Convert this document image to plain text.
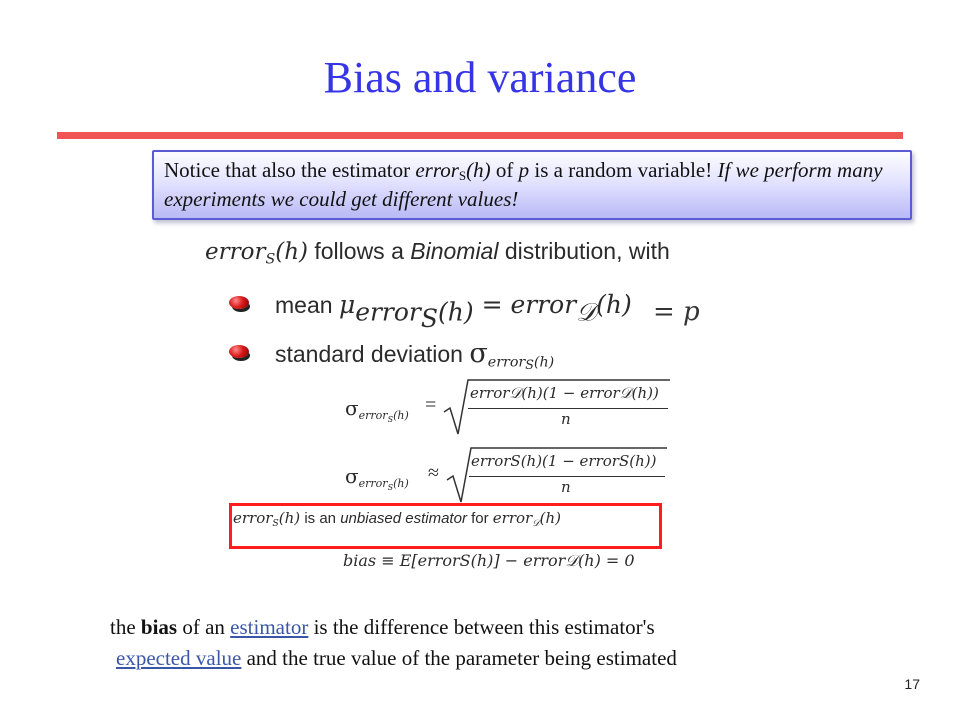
Bias and variance
Notice that also the estimator error$_S$(h) of p is a random variable! If we perform many experiments we could get different values!
error$_S$(h) follows a Binomial distribution, with
mean μerrorS(h) = error𝒟(h) = p
standard deviation $\sigma_{errorS(h)}$
$\sigma_{errorS(h)}$ =
error𝒟(h)(1 − error𝒟(h))
n
$\sigma_{errorS(h)}$ ≈
errorS(h)(1 − errorS(h))
n
error$_S$(h) is an unbiased estimator for error$_𝒟$(h)
bias ≡ E[errorS(h)] − error𝒟(h) = 0
the bias of an estimator is the difference between this estimator's
expected value and the true value of the parameter being estimated
17
